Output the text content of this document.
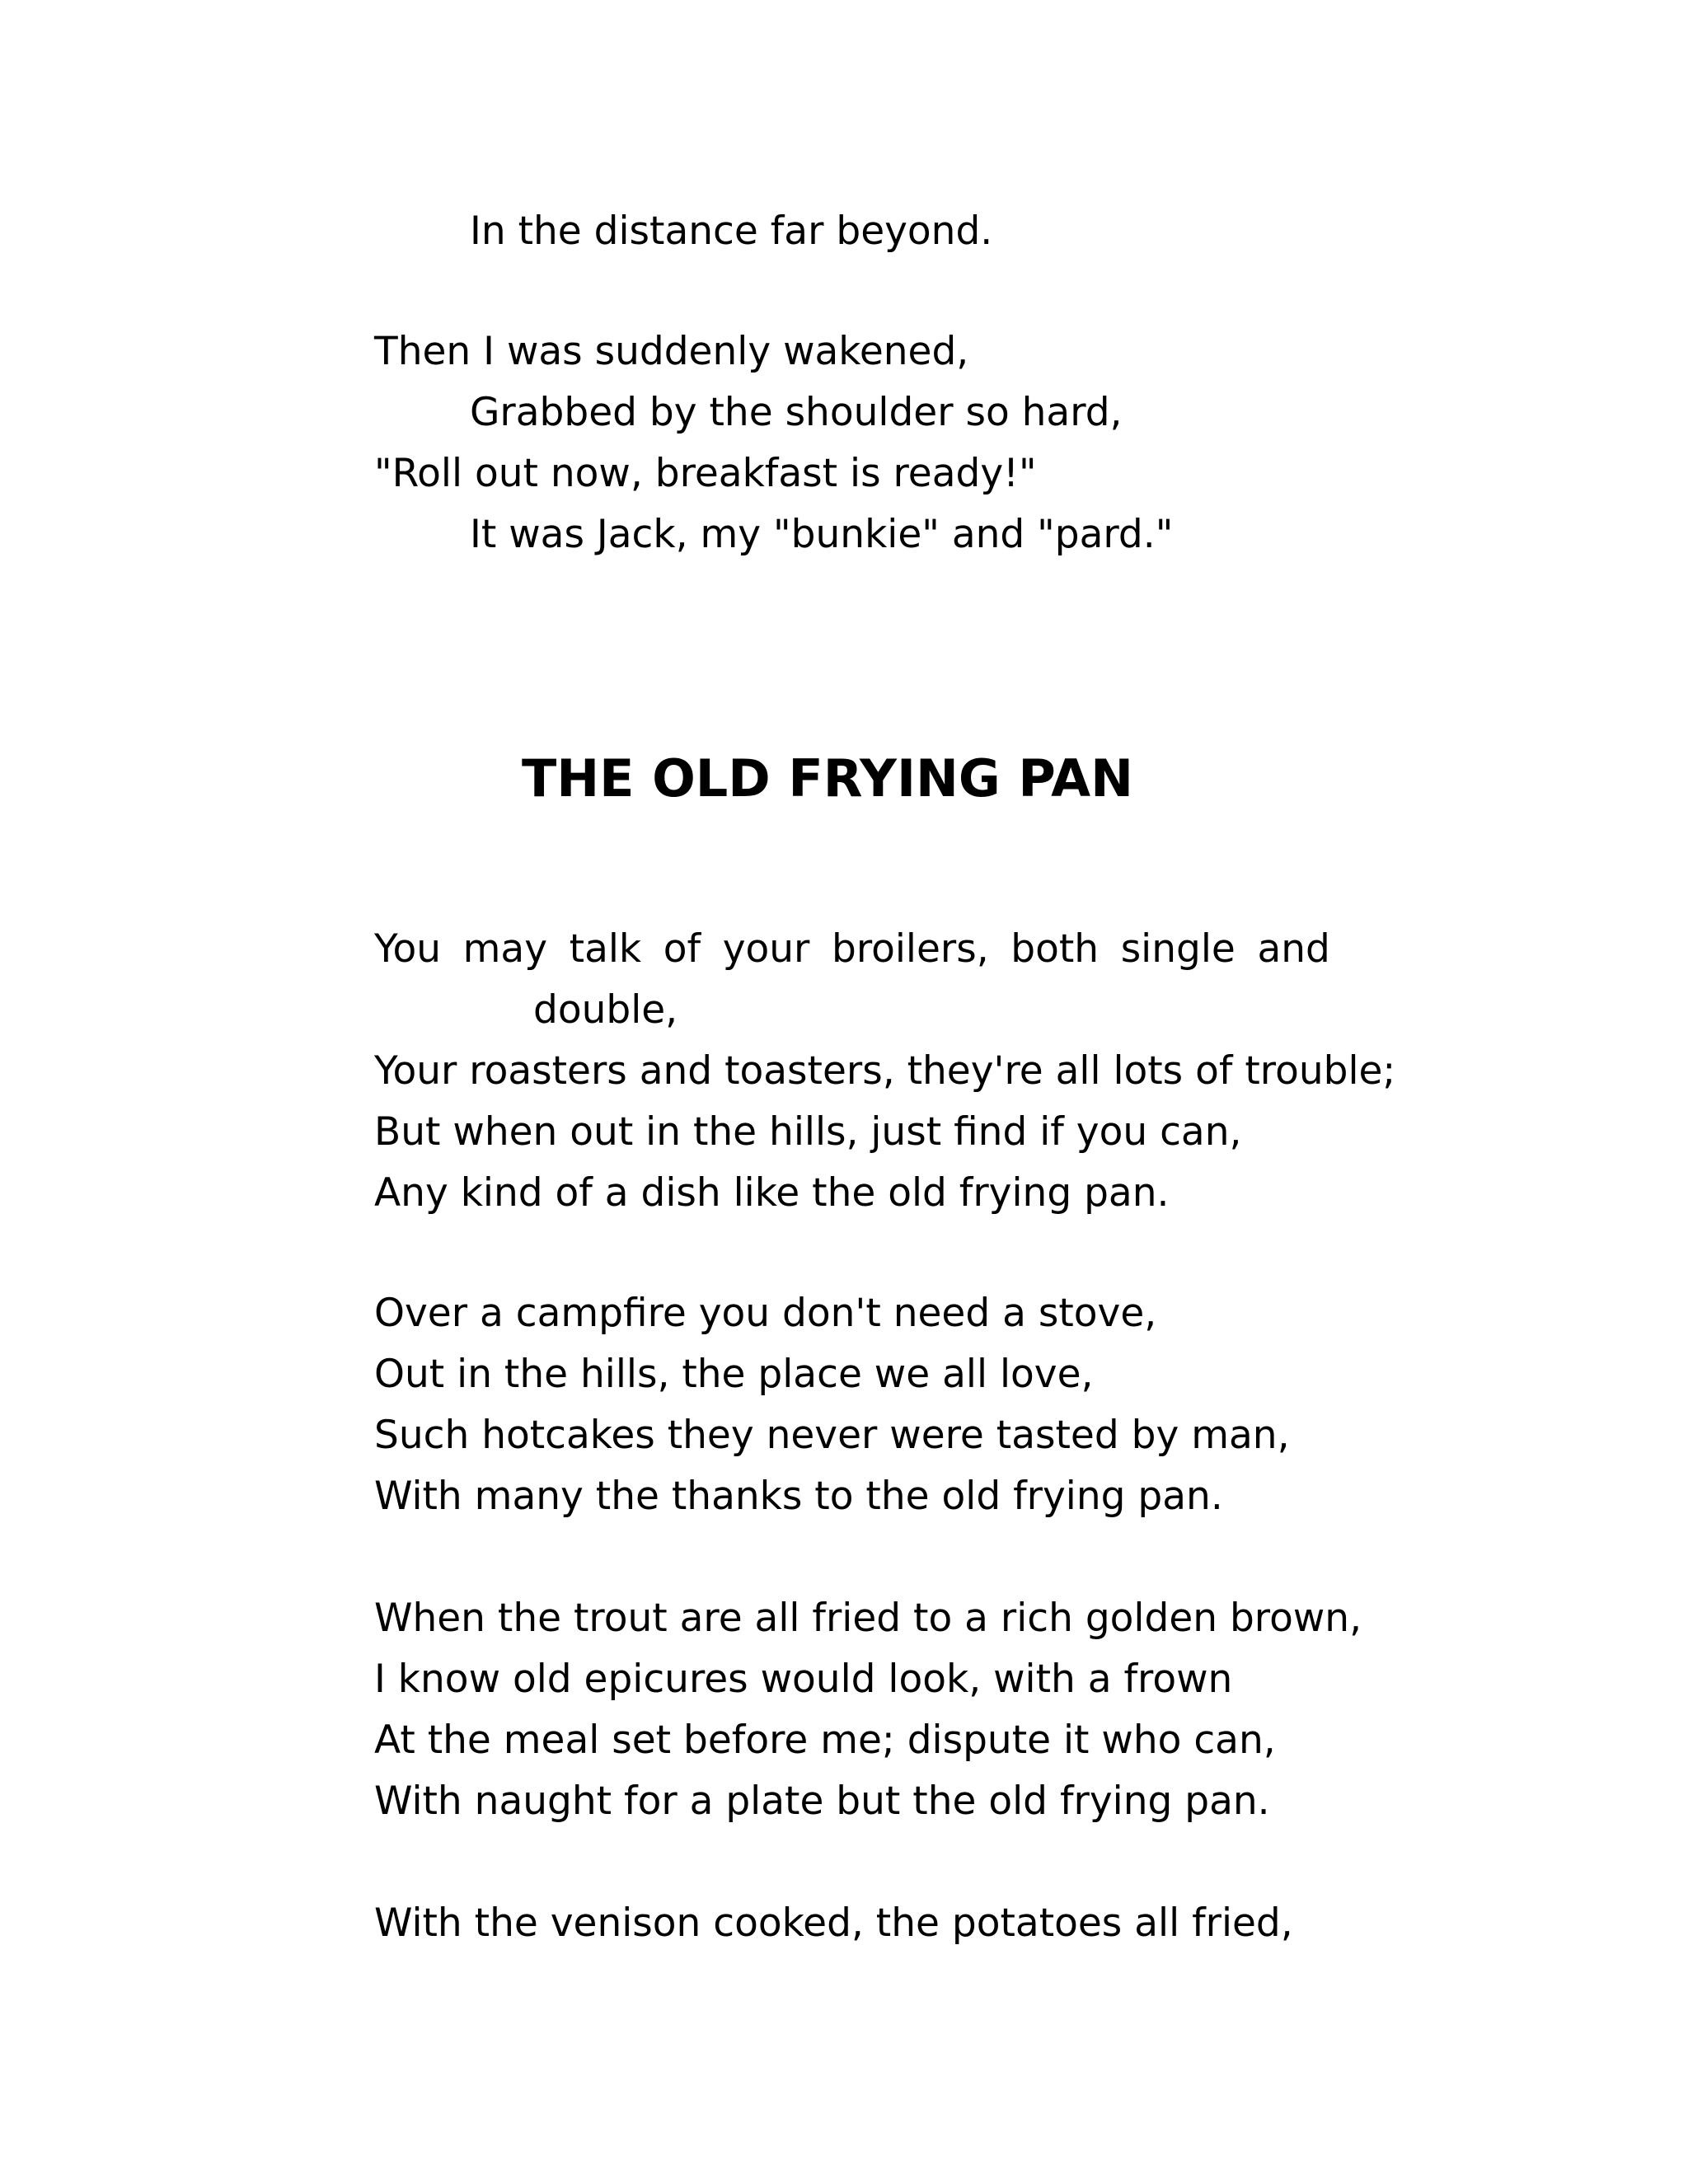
In the distance far beyond.
Then I was suddenly wakened,
Grabbed by the shoulder so hard,
"Roll out now, breakfast is ready!"
It was Jack, my "bunkie" and "pard."
THE OLD FRYING PAN
You may talk of your broilers, both single and
double,
Your roasters and toasters, they're all lots of trouble;
But when out in the hills, just find if you can,
Any kind of a dish like the old frying pan.
Over a campfire you don't need a stove,
Out in the hills, the place we all love,
Such hotcakes they never were tasted by man,
With many the thanks to the old frying pan.
When the trout are all fried to a rich golden brown,
I know old epicures would look, with a frown
At the meal set before me; dispute it who can,
With naught for a plate but the old frying pan.
With the venison cooked, the potatoes all fried,
